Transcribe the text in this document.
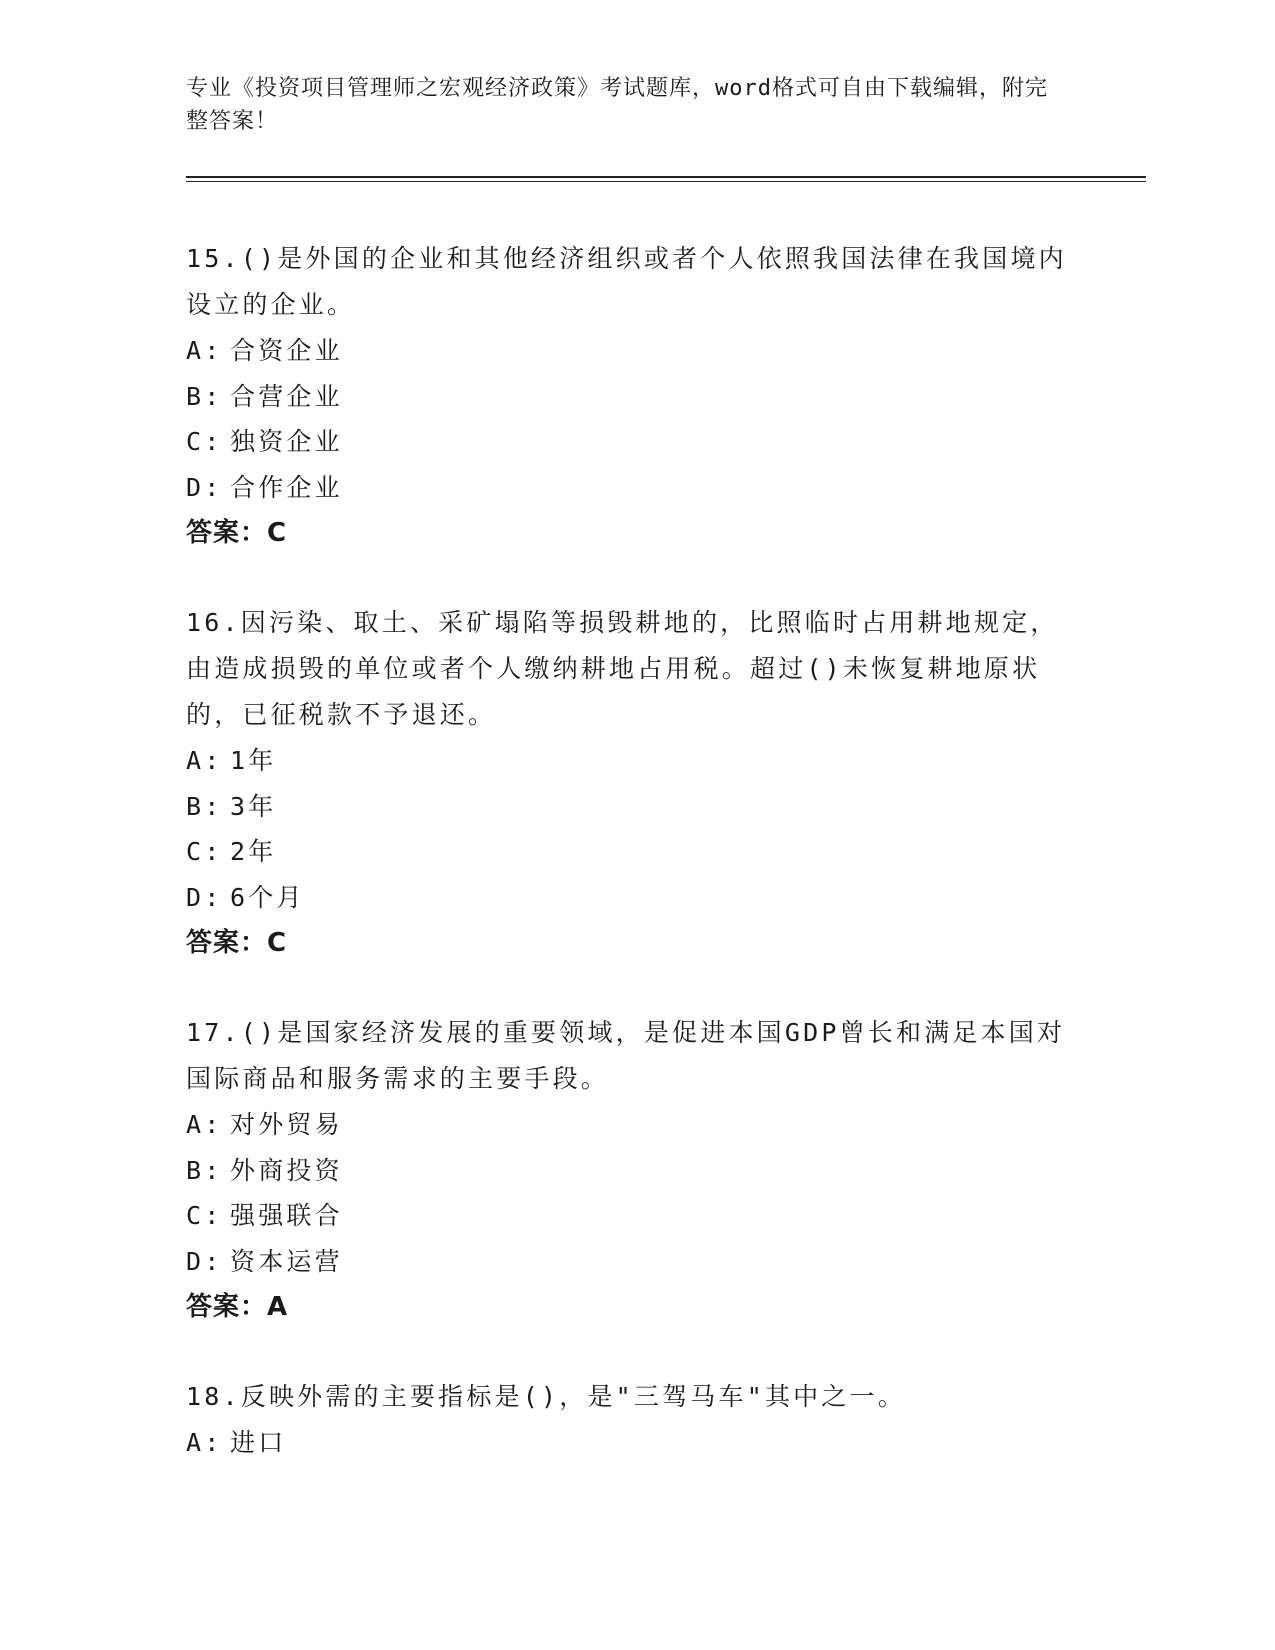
专业《投资项目管理师之宏观经济政策》考试题库，word格式可自由下载编辑，附完整答案！

15.()是外国的企业和其他经济组织或者个人依照我国法律在我国境内设立的企业。

A: 合资企业

B: 合营企业

C: 独资企业

D: 合作企业

答案：C

16.因污染、取土、采矿塌陷等损毁耕地的，比照临时占用耕地规定，由造成损毁的单位或者个人缴纳耕地占用税。超过()未恢复耕地原状的，已征税款不予退还。

A: 1年

B: 3年

C: 2年

D: 6个月

答案：C

17.()是国家经济发展的重要领域，是促进本国GDP曾长和满足本国对国际商品和服务需求的主要手段。

A: 对外贸易

B: 外商投资

C: 强强联合

D: 资本运营

答案：A

18.反映外需的主要指标是()，是"三驾马车"其中之一。

A: 进口
